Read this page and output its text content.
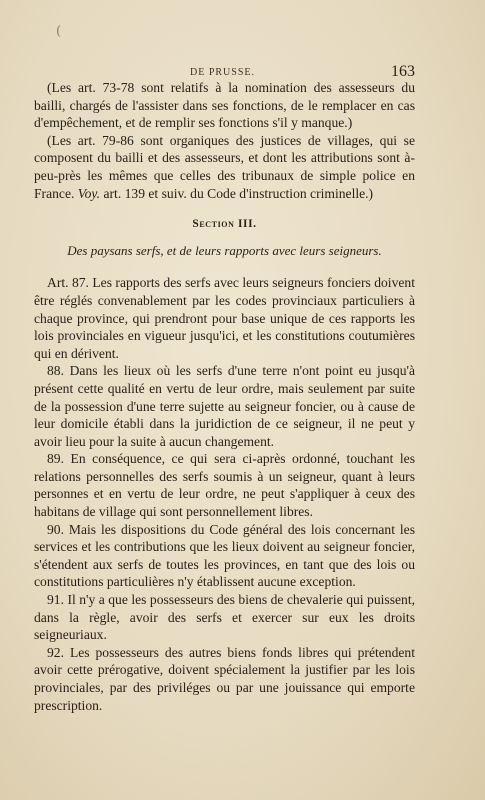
(
DE PRUSSE.	163

(Les art. 73-78 sont relatifs à la nomination des assesseurs du bailli, chargés de l'assister dans ses fonctions, de le remplacer en cas d'empêchement, et de remplir ses fonctions s'il y manque.)

(Les art. 79-86 sont organiques des justices de villages, qui se composent du bailli et des assesseurs, et dont les attributions sont à-peu-près les mêmes que celles des tribunaux de simple police en France. Voy. art. 139 et suiv. du Code d'instruction criminelle.)

Section III.
Des paysans serfs, et de leurs rapports avec leurs seigneurs.

Art. 87. Les rapports des serfs avec leurs seigneurs fonciers doivent être réglés convenablement par les codes provinciaux particuliers à chaque province, qui prendront pour base unique de ces rapports les lois provinciales en vigueur jusqu'ici, et les constitutions coutumières qui en dérivent.

88. Dans les lieux où les serfs d'une terre n'ont point eu jusqu'à présent cette qualité en vertu de leur ordre, mais seulement par suite de la possession d'une terre sujette au seigneur foncier, ou à cause de leur domicile établi dans la juridiction de ce seigneur, il ne peut y avoir lieu pour la suite à aucun changement.

89. En conséquence, ce qui sera ci-après ordonné, touchant les relations personnelles des serfs soumis à un seigneur, quant à leurs personnes et en vertu de leur ordre, ne peut s'appliquer à ceux des habitans de village qui sont personnellement libres.

90. Mais les dispositions du Code général des lois concernant les services et les contributions que les lieux doivent au seigneur foncier, s'étendent aux serfs de toutes les provinces, en tant que des lois ou constitutions particulières n'y établissent aucune exception.

91. Il n'y a que les possesseurs des biens de chevalerie qui puissent, dans la règle, avoir des serfs et exercer sur eux les droits seigneuriaux.

92. Les possesseurs des autres biens fonds libres qui prétendent avoir cette prérogative, doivent spécialement la justifier par les lois provinciales, par des priviléges ou par une jouissance qui emporte prescription.
